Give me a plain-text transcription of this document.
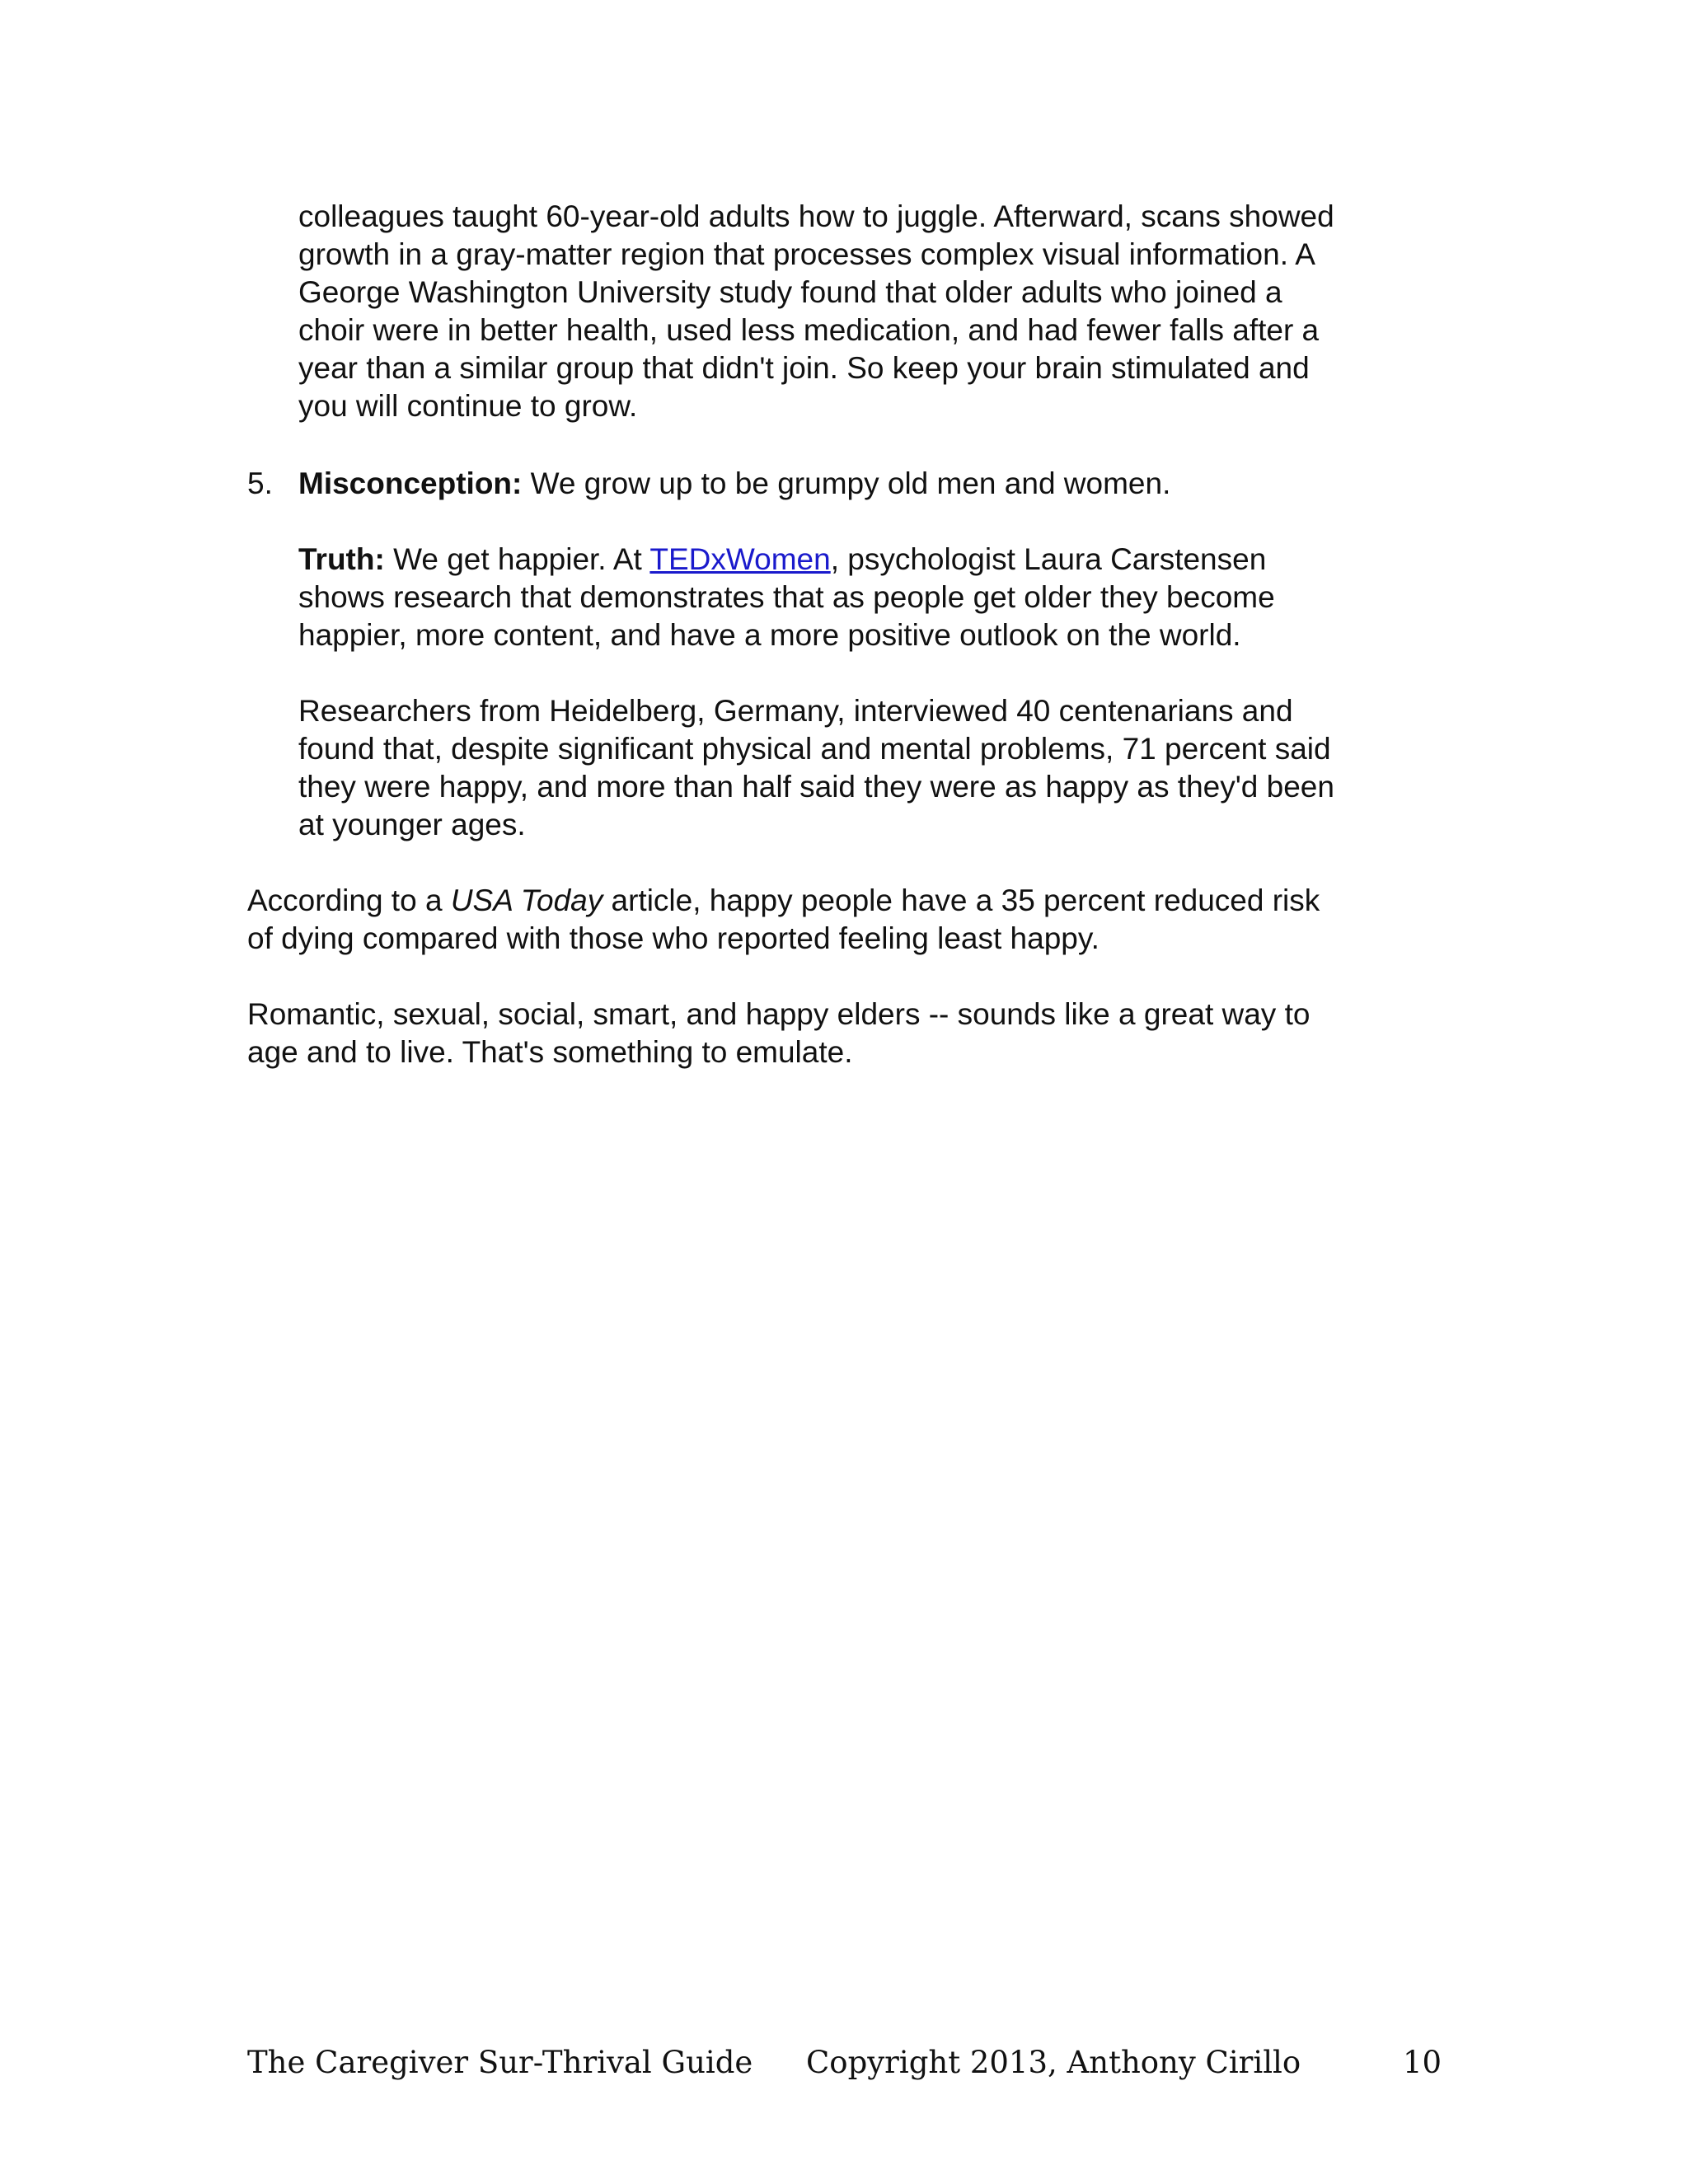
colleagues taught 60-year-old adults how to juggle. Afterward, scans showed
growth in a gray-matter region that processes complex visual information. A
George Washington University study found that older adults who joined a
choir were in better health, used less medication, and had fewer falls after a
year than a similar group that didn't join. So keep your brain stimulated and
you will continue to grow.
5. Misconception: We grow up to be grumpy old men and women.
Truth: We get happier. At TEDxWomen, psychologist Laura Carstensen
shows research that demonstrates that as people get older they become
happier, more content, and have a more positive outlook on the world.
Researchers from Heidelberg, Germany, interviewed 40 centenarians and
found that, despite significant physical and mental problems, 71 percent said
they were happy, and more than half said they were as happy as they'd been
at younger ages.
According to a USA Today article, happy people have a 35 percent reduced risk
of dying compared with those who reported feeling least happy.
Romantic, sexual, social, smart, and happy elders -- sounds like a great way to
age and to live. That's something to emulate.
The Caregiver Sur-Thrival Guide Copyright 2013, Anthony Cirillo	10
